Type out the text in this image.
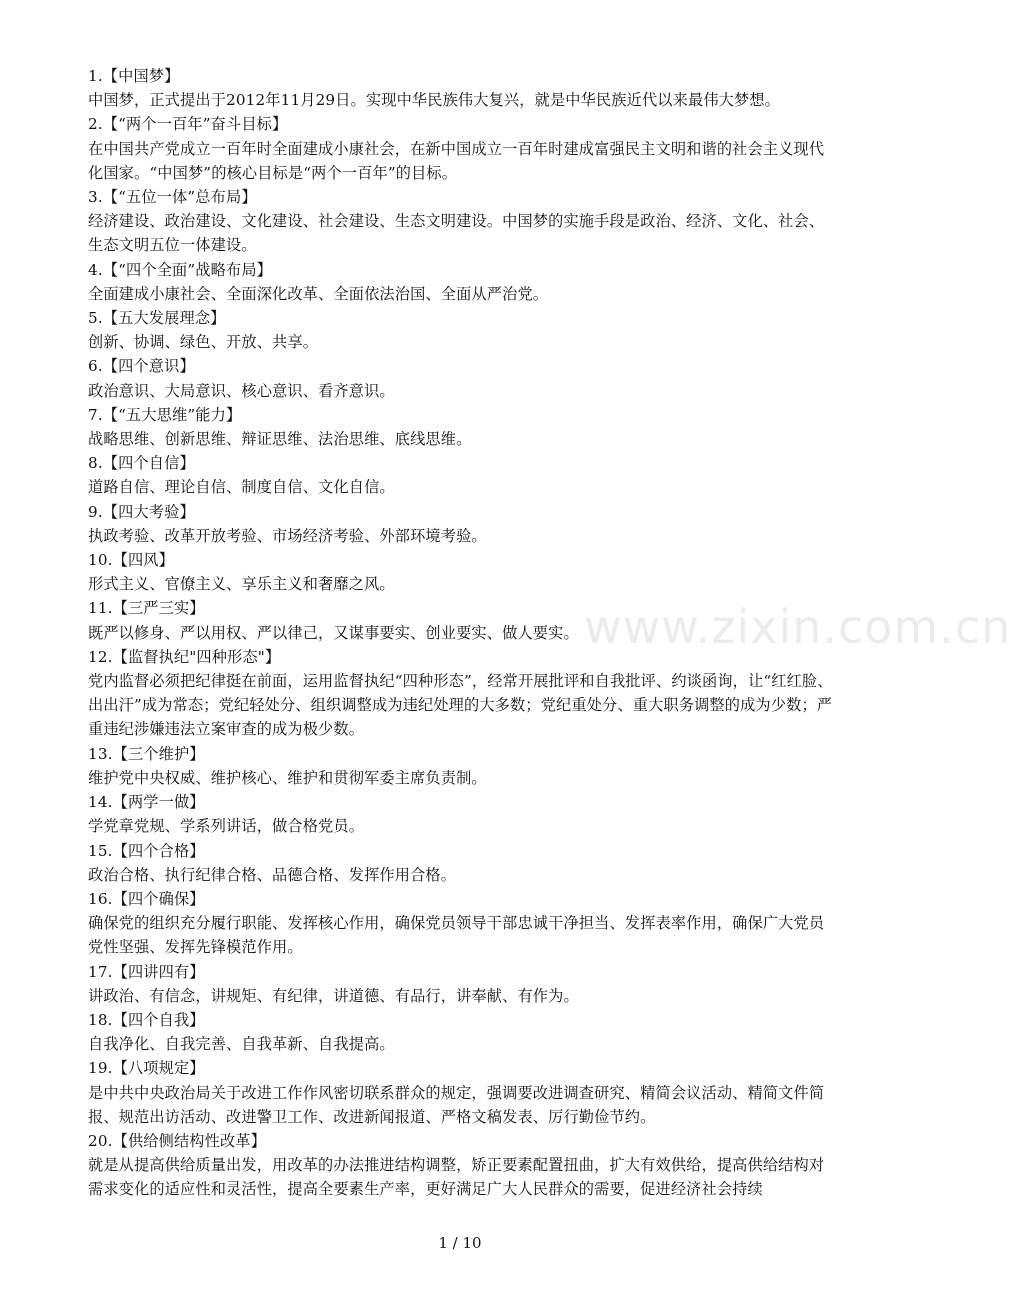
www.zixin.com.cn

1.【中国梦】

中国梦，正式提出于2012年11月29日。实现中华民族伟大复兴，就是中华民族近代以来最伟大梦想。

2.【“两个一百年”奋斗目标】

在中国共产党成立一百年时全面建成小康社会，在新中国成立一百年时建成富强民主文明和谐的社会主义现代化国家。“中国梦”的核心目标是“两个一百年”的目标。

3.【“五位一体”总布局】

经济建设、政治建设、文化建设、社会建设、生态文明建设。中国梦的实施手段是政治、经济、文化、社会、生态文明五位一体建设。

4.【“四个全面”战略布局】

全面建成小康社会、全面深化改革、全面依法治国、全面从严治党。

5.【五大发展理念】

创新、协调、绿色、开放、共享。

6.【四个意识】

政治意识、大局意识、核心意识、看齐意识。

7.【“五大思维”能力】

战略思维、创新思维、辩证思维、法治思维、底线思维。

8.【四个自信】

道路自信、理论自信、制度自信、文化自信。

9.【四大考验】

执政考验、改革开放考验、市场经济考验、外部环境考验。

10.【四风】

形式主义、官僚主义、享乐主义和奢靡之风。

11.【三严三实】

既严以修身、严以用权、严以律己，又谋事要实、创业要实、做人要实。

12.【监督执纪"四种形态"】

党内监督必须把纪律挺在前面，运用监督执纪“四种形态”，经常开展批评和自我批评、约谈函询，让“红红脸、出出汗”成为常态；党纪轻处分、组织调整成为违纪处理的大多数；党纪重处分、重大职务调整的成为少数；严重违纪涉嫌违法立案审查的成为极少数。

13.【三个维护】

维护党中央权威、维护核心、维护和贯彻军委主席负责制。

14.【两学一做】

学党章党规、学系列讲话，做合格党员。

15.【四个合格】

政治合格、执行纪律合格、品德合格、发挥作用合格。

16.【四个确保】

确保党的组织充分履行职能、发挥核心作用，确保党员领导干部忠诚干净担当、发挥表率作用，确保广大党员党性坚强、发挥先锋模范作用。

17.【四讲四有】

讲政治、有信念，讲规矩、有纪律，讲道德、有品行，讲奉献、有作为。

18.【四个自我】

自我净化、自我完善、自我革新、自我提高。

19.【八项规定】

是中共中央政治局关于改进工作作风密切联系群众的规定，强调要改进调查研究、精简会议活动、精简文件简报、规范出访活动、改进警卫工作、改进新闻报道、严格文稿发表、厉行勤俭节约。

20.【供给侧结构性改革】

就是从提高供给质量出发，用改革的办法推进结构调整，矫正要素配置扭曲，扩大有效供给，提高供给结构对需求变化的适应性和灵活性，提高全要素生产率，更好满足广大人民群众的需要，促进经济社会持续

1 / 10
